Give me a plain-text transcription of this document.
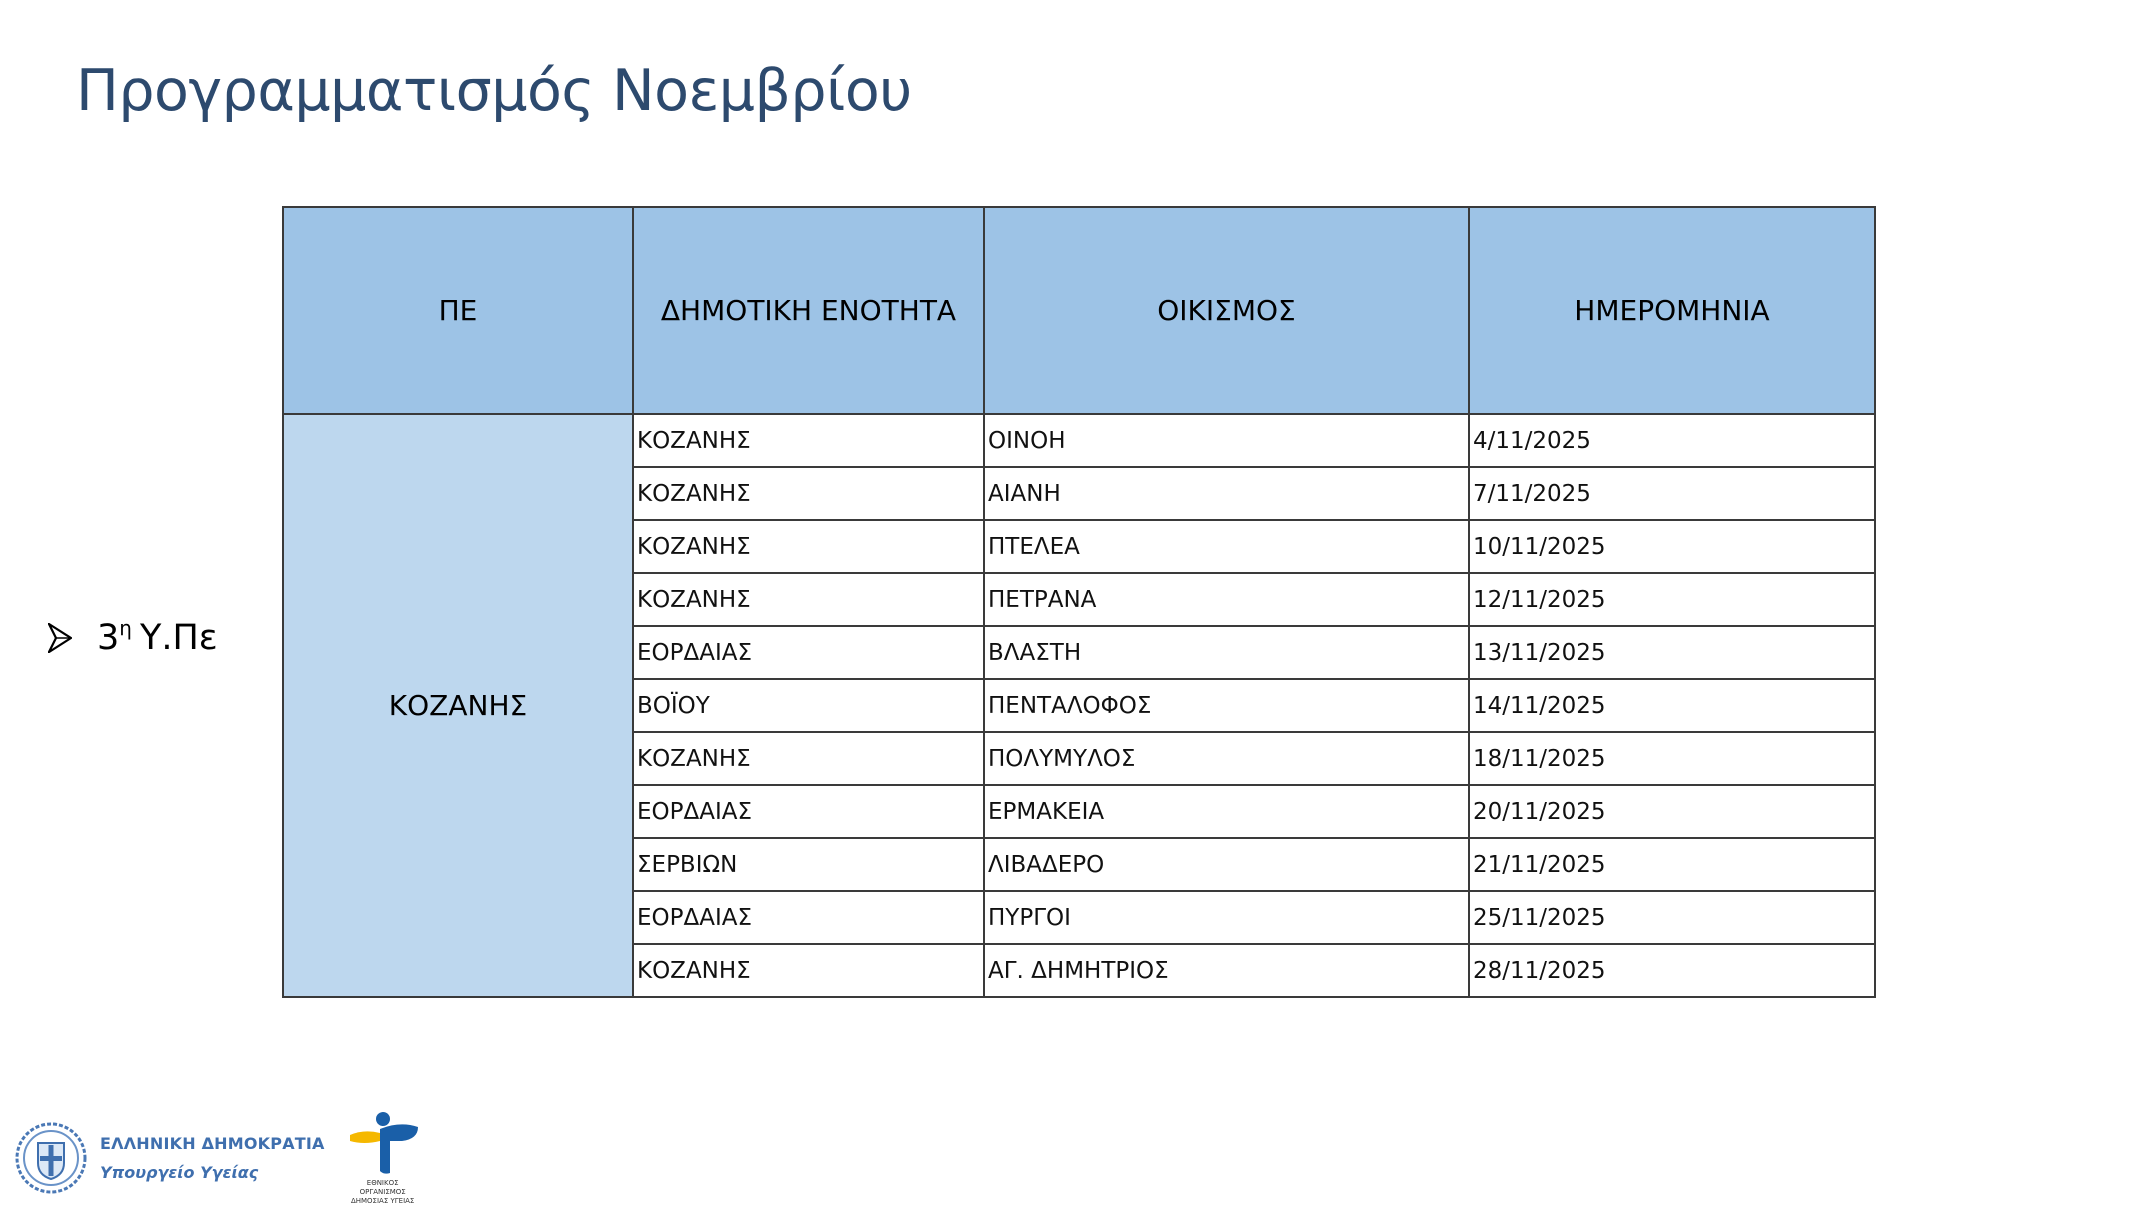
Προγραμματισμός Νοεμβρίου
$3^\eta$ Υ.Πε
ΠΕ	ΔΗΜΟΤΙΚΗ ΕΝΟΤΗΤΑ	ΟΙΚΙΣΜΟΣ	ΗΜΕΡΟΜΗΝΙΑ
ΚΟΖΑΝΗΣ	ΚΟΖΑΝΗΣ	ΟΙΝΟΗ	4/11/2025
	ΚΟΖΑΝΗΣ	ΑΙΑΝΗ	7/11/2025
	ΚΟΖΑΝΗΣ	ΠΤΕΛΕΑ	10/11/2025
	ΚΟΖΑΝΗΣ	ΠΕΤΡΑΝΑ	12/11/2025
	ΕΟΡΔΑΙΑΣ	ΒΛΑΣΤΗ	13/11/2025
	ΒΟΪΟΥ	ΠΕΝΤΑΛΟΦΟΣ	14/11/2025
	ΚΟΖΑΝΗΣ	ΠΟΛΥΜΥΛΟΣ	18/11/2025
	ΕΟΡΔΑΙΑΣ	ΕΡΜΑΚΕΙΑ	20/11/2025
	ΣΕΡΒΙΩΝ	ΛΙΒΑΔΕΡΟ	21/11/2025
	ΕΟΡΔΑΙΑΣ	ΠΥΡΓΟΙ	25/11/2025
	ΚΟΖΑΝΗΣ	ΑΓ. ΔΗΜΗΤΡΙΟΣ	28/11/2025
ΕΛΛΗΝΙΚΗ ΔΗΜΟΚΡΑΤΙΑ
Υπουργείο Υγείας
ΕΘΝΙΚΟΣ ΟΡΓΑΝΙΣΜΟΣ
ΔΗΜΟΣΙΑΣ ΥΓΕΙΑΣ
